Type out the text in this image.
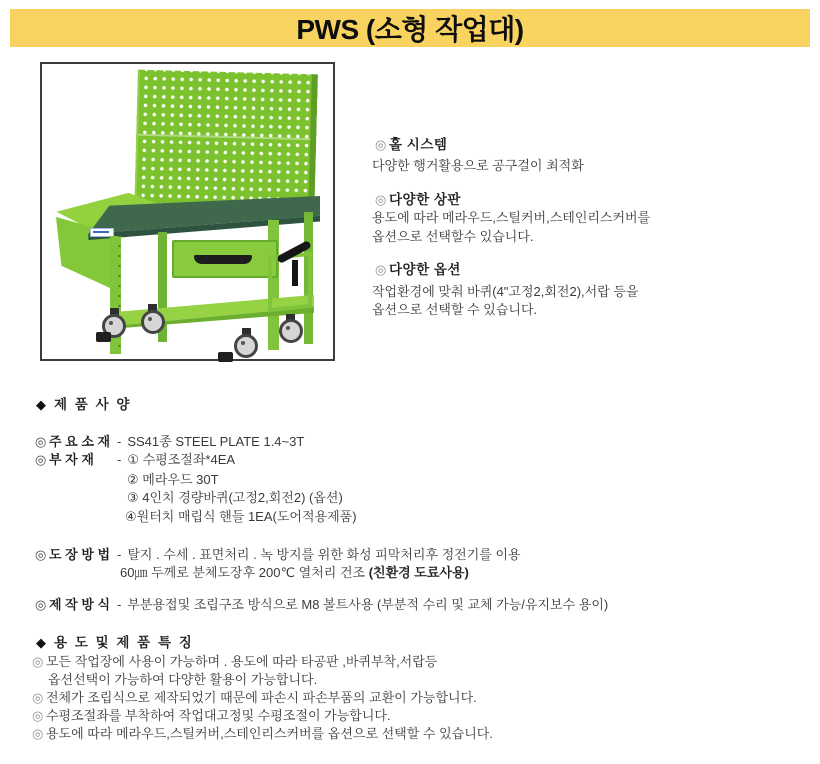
PWS (소형 작업대)
◎ 홀 시스템
다양한 행거활용으로 공구걸이 최적화
◎ 다양한 상판
용도에 따라 메라우드,스틸커버,스테인리스커버를
옵션으로 선택할수 있습니다.
◎ 다양한 옵션
작업환경에 맞춰 바퀴(4"고정2,회전2),서랍 등을
옵션으로 선택할 수 있습니다.
◆ 제 품 사 양
◎ 주 요 소 재 - SS41종 STEEL PLATE 1.4~3T
◎ 부 자 재 - ① 수평조절좌*4EA
② 메라우드 30T
③ 4인치 경량바퀴(고정2,회전2) (옵션)
④원터치 매립식 핸들 1EA(도어적용제품)
◎ 도 장 방 법 - 탈지 . 수세 . 표면처리 . 녹 방지를 위한 화성 피막처리후 정전기를 이용
60㎛ 두께로 분체도장후 200℃ 열처리 건조 (친환경 도료사용)
◎ 제 작 방 식 - 부분용접및 조립구조 방식으로 M8 볼트사용 (부분적 수리 및 교체 가능/유지보수 용이)
◆ 용 도 및 제 품 특 징
◎ 모든 작업장에 사용이 가능하며 . 용도에 따라 타공판 ,바퀴부착,서랍등
옵션선택이 가능하여 다양한 활용이 가능합니다.
◎ 전체가 조립식으로 제작되었기 때문에 파손시 파손부품의 교환이 가능합니다.
◎ 수평조절좌를 부착하여 작업대고정및 수평조절이 가능합니다.
◎ 용도에 따라 메라우드,스틸커버,스테인리스커버를 옵션으로 선택할 수 있습니다.
